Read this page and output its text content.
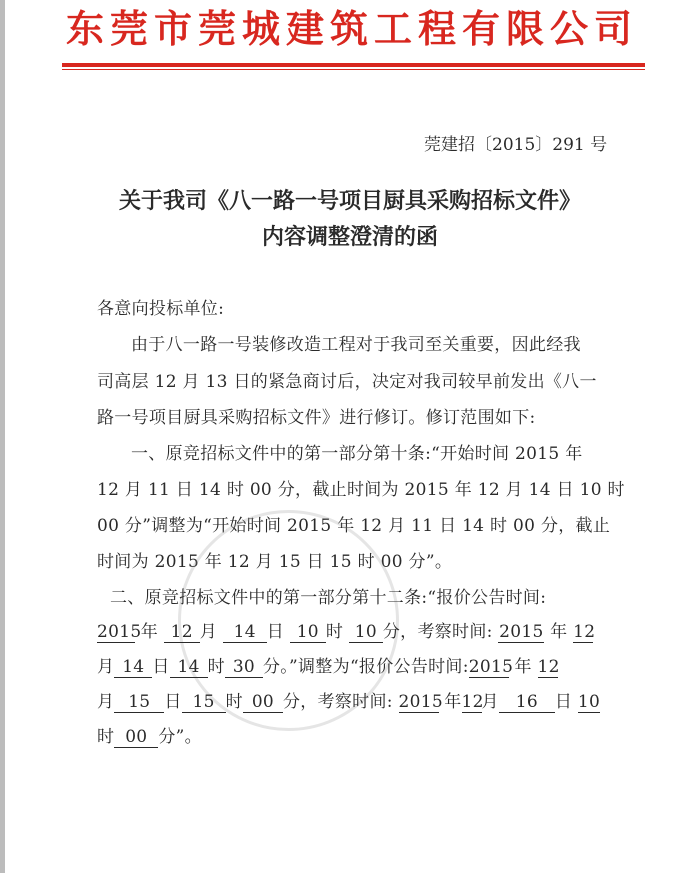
东莞市莞城建筑工程有限公司
莞建招〔2015〕291 号
关于我司《八一路一号项目厨具采购招标文件》
内容调整澄清的函
各意向投标单位:
由于八一路一号装修改造工程对于我司至关重要，因此经我
司高层 12 月 13 日的紧急商讨后，决定对我司较早前发出《八一
路一号项目厨具采购招标文件》进行修订。修订范围如下:
一、原竞招标文件中的第一部分第十条:“开始时间 2015 年
12 月 11 日 14 时 00 分，截止时间为 2015 年 12 月 14 日 10 时
00 分”调整为“开始时间 2015 年 12 月 11 日 14 时 00 分，截止
时间为 2015 年 12 月 15 日 15 时 00 分”。
二、原竞招标文件中的第一部分第十二条:“报价公告时间:
2015 年 12 月 14 日 10 时 10 分，考察时间: 2015 年 12
月 14 日 14 时 30 分。”调整为“报价公告时间:2015 年 12
月 15 日 15 时 00 分，考察时间: 2015 年12月 16 日 10
时 00 分”。
